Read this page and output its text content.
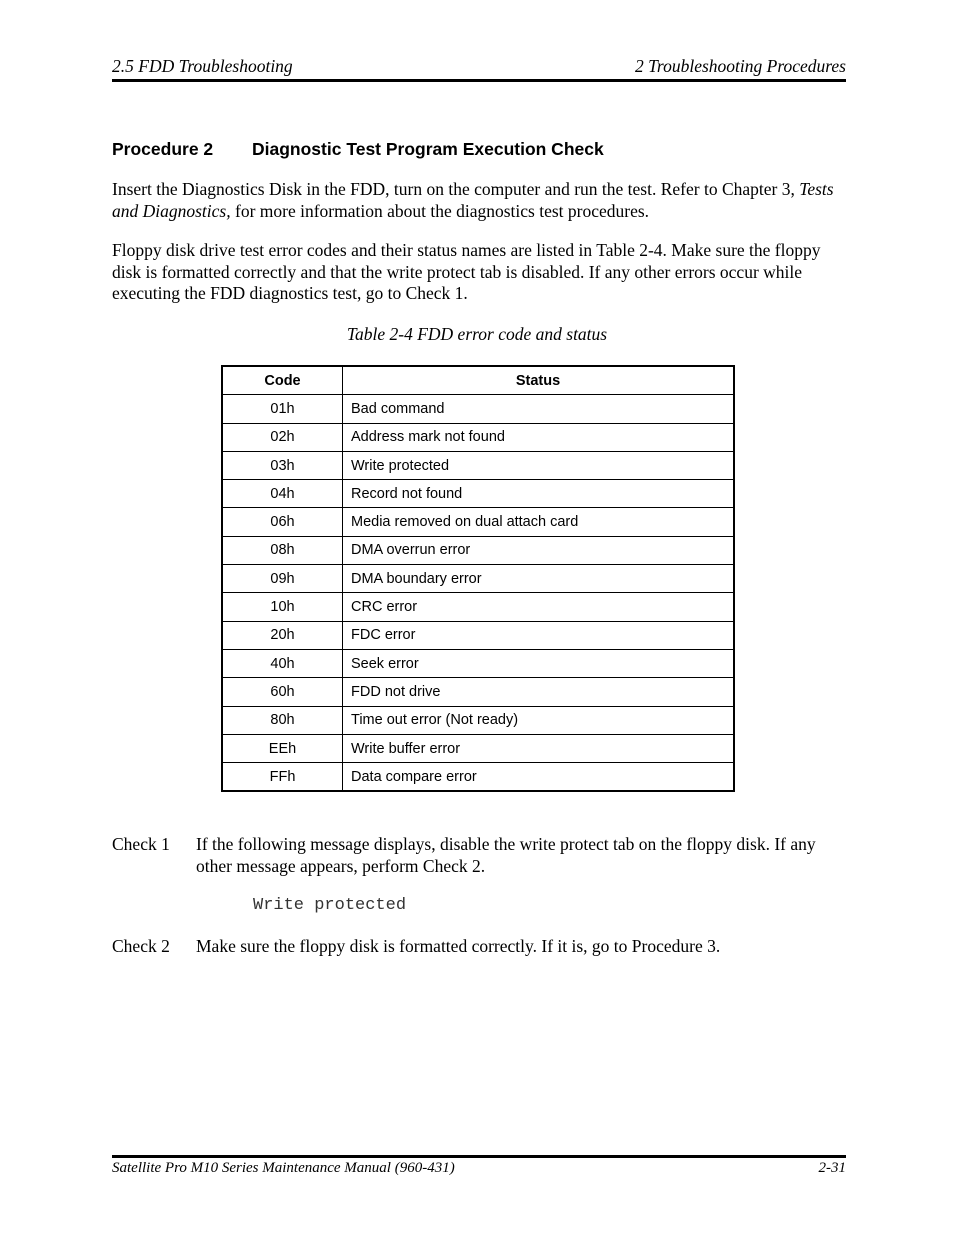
2.5 FDD Troubleshooting	2 Troubleshooting Procedures
Procedure 2 Diagnostic Test Program Execution Check

Insert the Diagnostics Disk in the FDD, turn on the computer and run the test. Refer to Chapter 3, Tests and Diagnostics, for more information about the diagnostics test procedures.

Floppy disk drive test error codes and their status names are listed in Table 2-4. Make sure the floppy disk is formatted correctly and that the write protect tab is disabled. If any other errors occur while executing the FDD diagnostics test, go to Check 1.

Table 2-4 FDD error code and status
Code	Status
01h	Bad command
02h	Address mark not found
03h	Write protected
04h	Record not found
06h	Media removed on dual attach card
08h	DMA overrun error
09h	DMA boundary error
10h	CRC error
20h	FDC error
40h	Seek error
60h	FDD not drive
80h	Time out error (Not ready)
EEh	Write buffer error
FFh	Data compare error
Check 1 If the following message displays, disable the write protect tab on the floppy disk. If any other message appears, perform Check 2.
Write protected
Check 2 Make sure the floppy disk is formatted correctly. If it is, go to Procedure 3.
Satellite Pro M10 Series Maintenance Manual (960-431)	2-31
